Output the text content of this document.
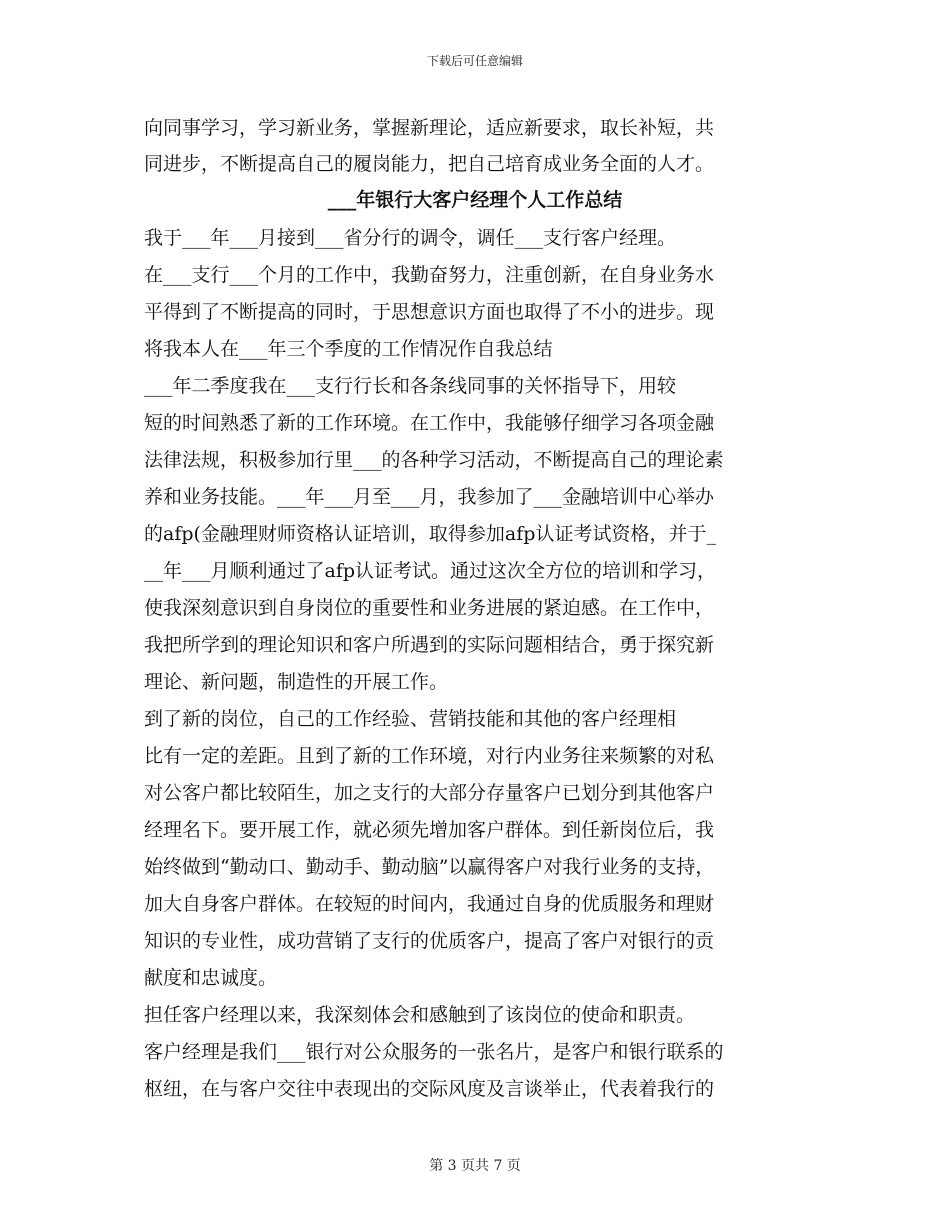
下载后可任意编辑
向同事学习，学习新业务，掌握新理论，适应新要求，取长补短，共
同进步，不断提高自己的履岗能力，把自己培育成业务全面的人才。
___年银行大客户经理个人工作总结
我于___年___月接到___省分行的调令，调任___支行客户经理。
在___支行___个月的工作中，我勤奋努力，注重创新，在自身业务水
平得到了不断提高的同时，于思想意识方面也取得了不小的进步。现
将我本人在___年三个季度的工作情况作自我总结
___年二季度我在___支行行长和各条线同事的关怀指导下，用较
短的时间熟悉了新的工作环境。在工作中，我能够仔细学习各项金融
法律法规，积极参加行里___的各种学习活动，不断提高自己的理论素
养和业务技能。___年___月至___月，我参加了___金融培训中心举办
的afp(金融理财师资格认证培训，取得参加afp认证考试资格，并于_
__年___月顺利通过了afp认证考试。通过这次全方位的培训和学习，
使我深刻意识到自身岗位的重要性和业务进展的紧迫感。在工作中，
我把所学到的理论知识和客户所遇到的实际问题相结合，勇于探究新
理论、新问题，制造性的开展工作。
到了新的岗位，自己的工作经验、营销技能和其他的客户经理相
比有一定的差距。且到了新的工作环境，对行内业务往来频繁的对私
对公客户都比较陌生，加之支行的大部分存量客户已划分到其他客户
经理名下。要开展工作，就必须先增加客户群体。到任新岗位后，我
始终做到“勤动口、勤动手、勤动脑”以赢得客户对我行业务的支持，
加大自身客户群体。在较短的时间内，我通过自身的优质服务和理财
知识的专业性，成功营销了支行的优质客户，提高了客户对银行的贡
献度和忠诚度。
担任客户经理以来，我深刻体会和感触到了该岗位的使命和职责。
客户经理是我们___银行对公众服务的一张名片，是客户和银行联系的
枢纽，在与客户交往中表现出的交际风度及言谈举止，代表着我行的
第 3 页共 7 页
